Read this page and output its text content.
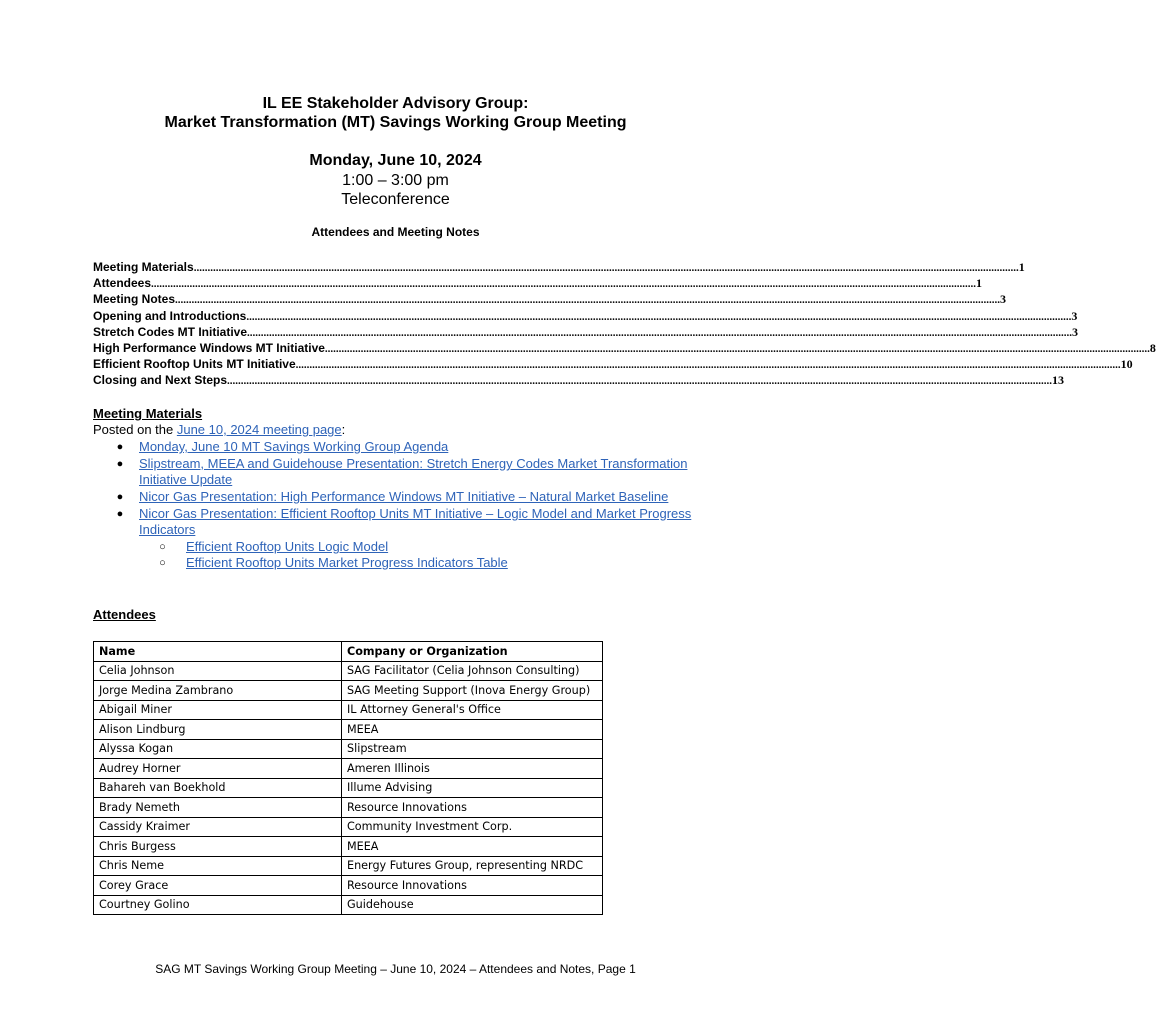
IL EE Stakeholder Advisory Group:
Market Transformation (MT) Savings Working Group Meeting
Monday, June 10, 2024
1:00 – 3:00 pm
Teleconference
Attendees and Meeting Notes
Meeting Materials ............................................................................................................................................................................................................................................................................................................ 1
Attendees ............................................................................................................................................................................................................................................................................................................ 1
Meeting Notes ............................................................................................................................................................................................................................................................................................................ 3
Opening and Introductions ............................................................................................................................................................................................................................................................................................................ 3
Stretch Codes MT Initiative ............................................................................................................................................................................................................................................................................................................ 3
High Performance Windows MT Initiative ............................................................................................................................................................................................................................................................................................................ 8
Efficient Rooftop Units MT Initiative ............................................................................................................................................................................................................................................................................................................ 10
Closing and Next Steps ............................................................................................................................................................................................................................................................................................................ 13
Meeting Materials
Posted on the June 10, 2024 meeting page:
●	Monday, June 10 MT Savings Working Group Agenda
●	Slipstream, MEEA and Guidehouse Presentation: Stretch Energy Codes Market Transformation Initiative Update
●	Nicor Gas Presentation: High Performance Windows MT Initiative – Natural Market Baseline
●	Nicor Gas Presentation: Efficient Rooftop Units MT Initiative – Logic Model and Market Progress Indicators
○	Efficient Rooftop Units Logic Model
○	Efficient Rooftop Units Market Progress Indicators Table
Attendees
Name	Company or Organization
Celia Johnson	SAG Facilitator (Celia Johnson Consulting)
Jorge Medina Zambrano	SAG Meeting Support (Inova Energy Group)
Abigail Miner	IL Attorney General's Office
Alison Lindburg	MEEA
Alyssa Kogan	Slipstream
Audrey Horner	Ameren Illinois
Bahareh van Boekhold	Illume Advising
Brady Nemeth	Resource Innovations
Cassidy Kraimer	Community Investment Corp.
Chris Burgess	MEEA
Chris Neme	Energy Futures Group, representing NRDC
Corey Grace	Resource Innovations
Courtney Golino	Guidehouse
SAG MT Savings Working Group Meeting – June 10, 2024 – Attendees and Notes, Page 1
